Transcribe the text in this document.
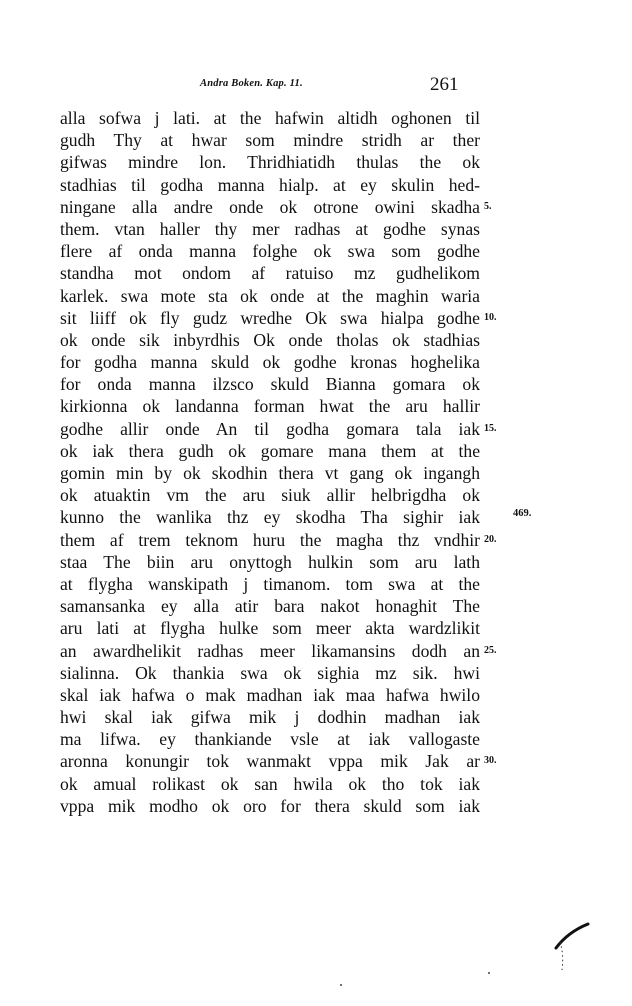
Andra Boken. Kap. 11.	261
alla sofwa j lati. at the hafwin altidh oghonen til
gudh Thy at hwar som mindre stridh ar ther
gifwas mindre lon. Thridhiatidh thulas the ok
stadhias til godha manna hialp. at ey skulin hed-
ningane alla andre onde ok otrone owini skadha 5.
them. vtan haller thy mer radhas at godhe synas
flere af onda manna folghe ok swa som godhe
standha mot ondom af ratuiso mz gudhelikom
karlek. swa mote sta ok onde at the maghin waria
sit liiff ok fly gudz wredhe Ok swa hialpa godhe 10.
ok onde sik inbyrdhis Ok onde tholas ok stadhias
for godha manna skuld ok godhe kronas hoghelika
for onda manna ilzsco skuld Bianna gomara ok
kirkionna ok landanna forman hwat the aru hallir
godhe allir onde An til godha gomara tala iak 15.
ok iak thera gudh ok gomare mana them at the
gomin min by ok skodhin thera vt gang ok ingangh
ok atuaktin vm the aru siuk allir helbrigdha ok
kunno the wanlika thz ey skodha Tha sighir iak
them af trem teknom huru the magha thz vndhir 20.
staa The biin aru onyttogh hulkin som aru lath
at flygha wanskipath j timanom. tom swa at the
samansanka ey alla atir bara nakot honaghit The
aru lati at flygha hulke som meer akta wardzlikit
an awardhelikit radhas meer likamansins dodh an 25.
sialinna. Ok thankia swa ok sighia mz sik. hwi
skal iak hafwa o mak madhan iak maa hafwa hwilo
hwi skal iak gifwa mik j dodhin madhan iak
ma lifwa. ey thankiande vsle at iak vallogaste
aronna konungir tok wanmakt vppa mik Jak ar 30.
ok amual rolikast ok san hwila ok tho tok iak
vppa mik modho ok oro for thera skuld som iak
469.
